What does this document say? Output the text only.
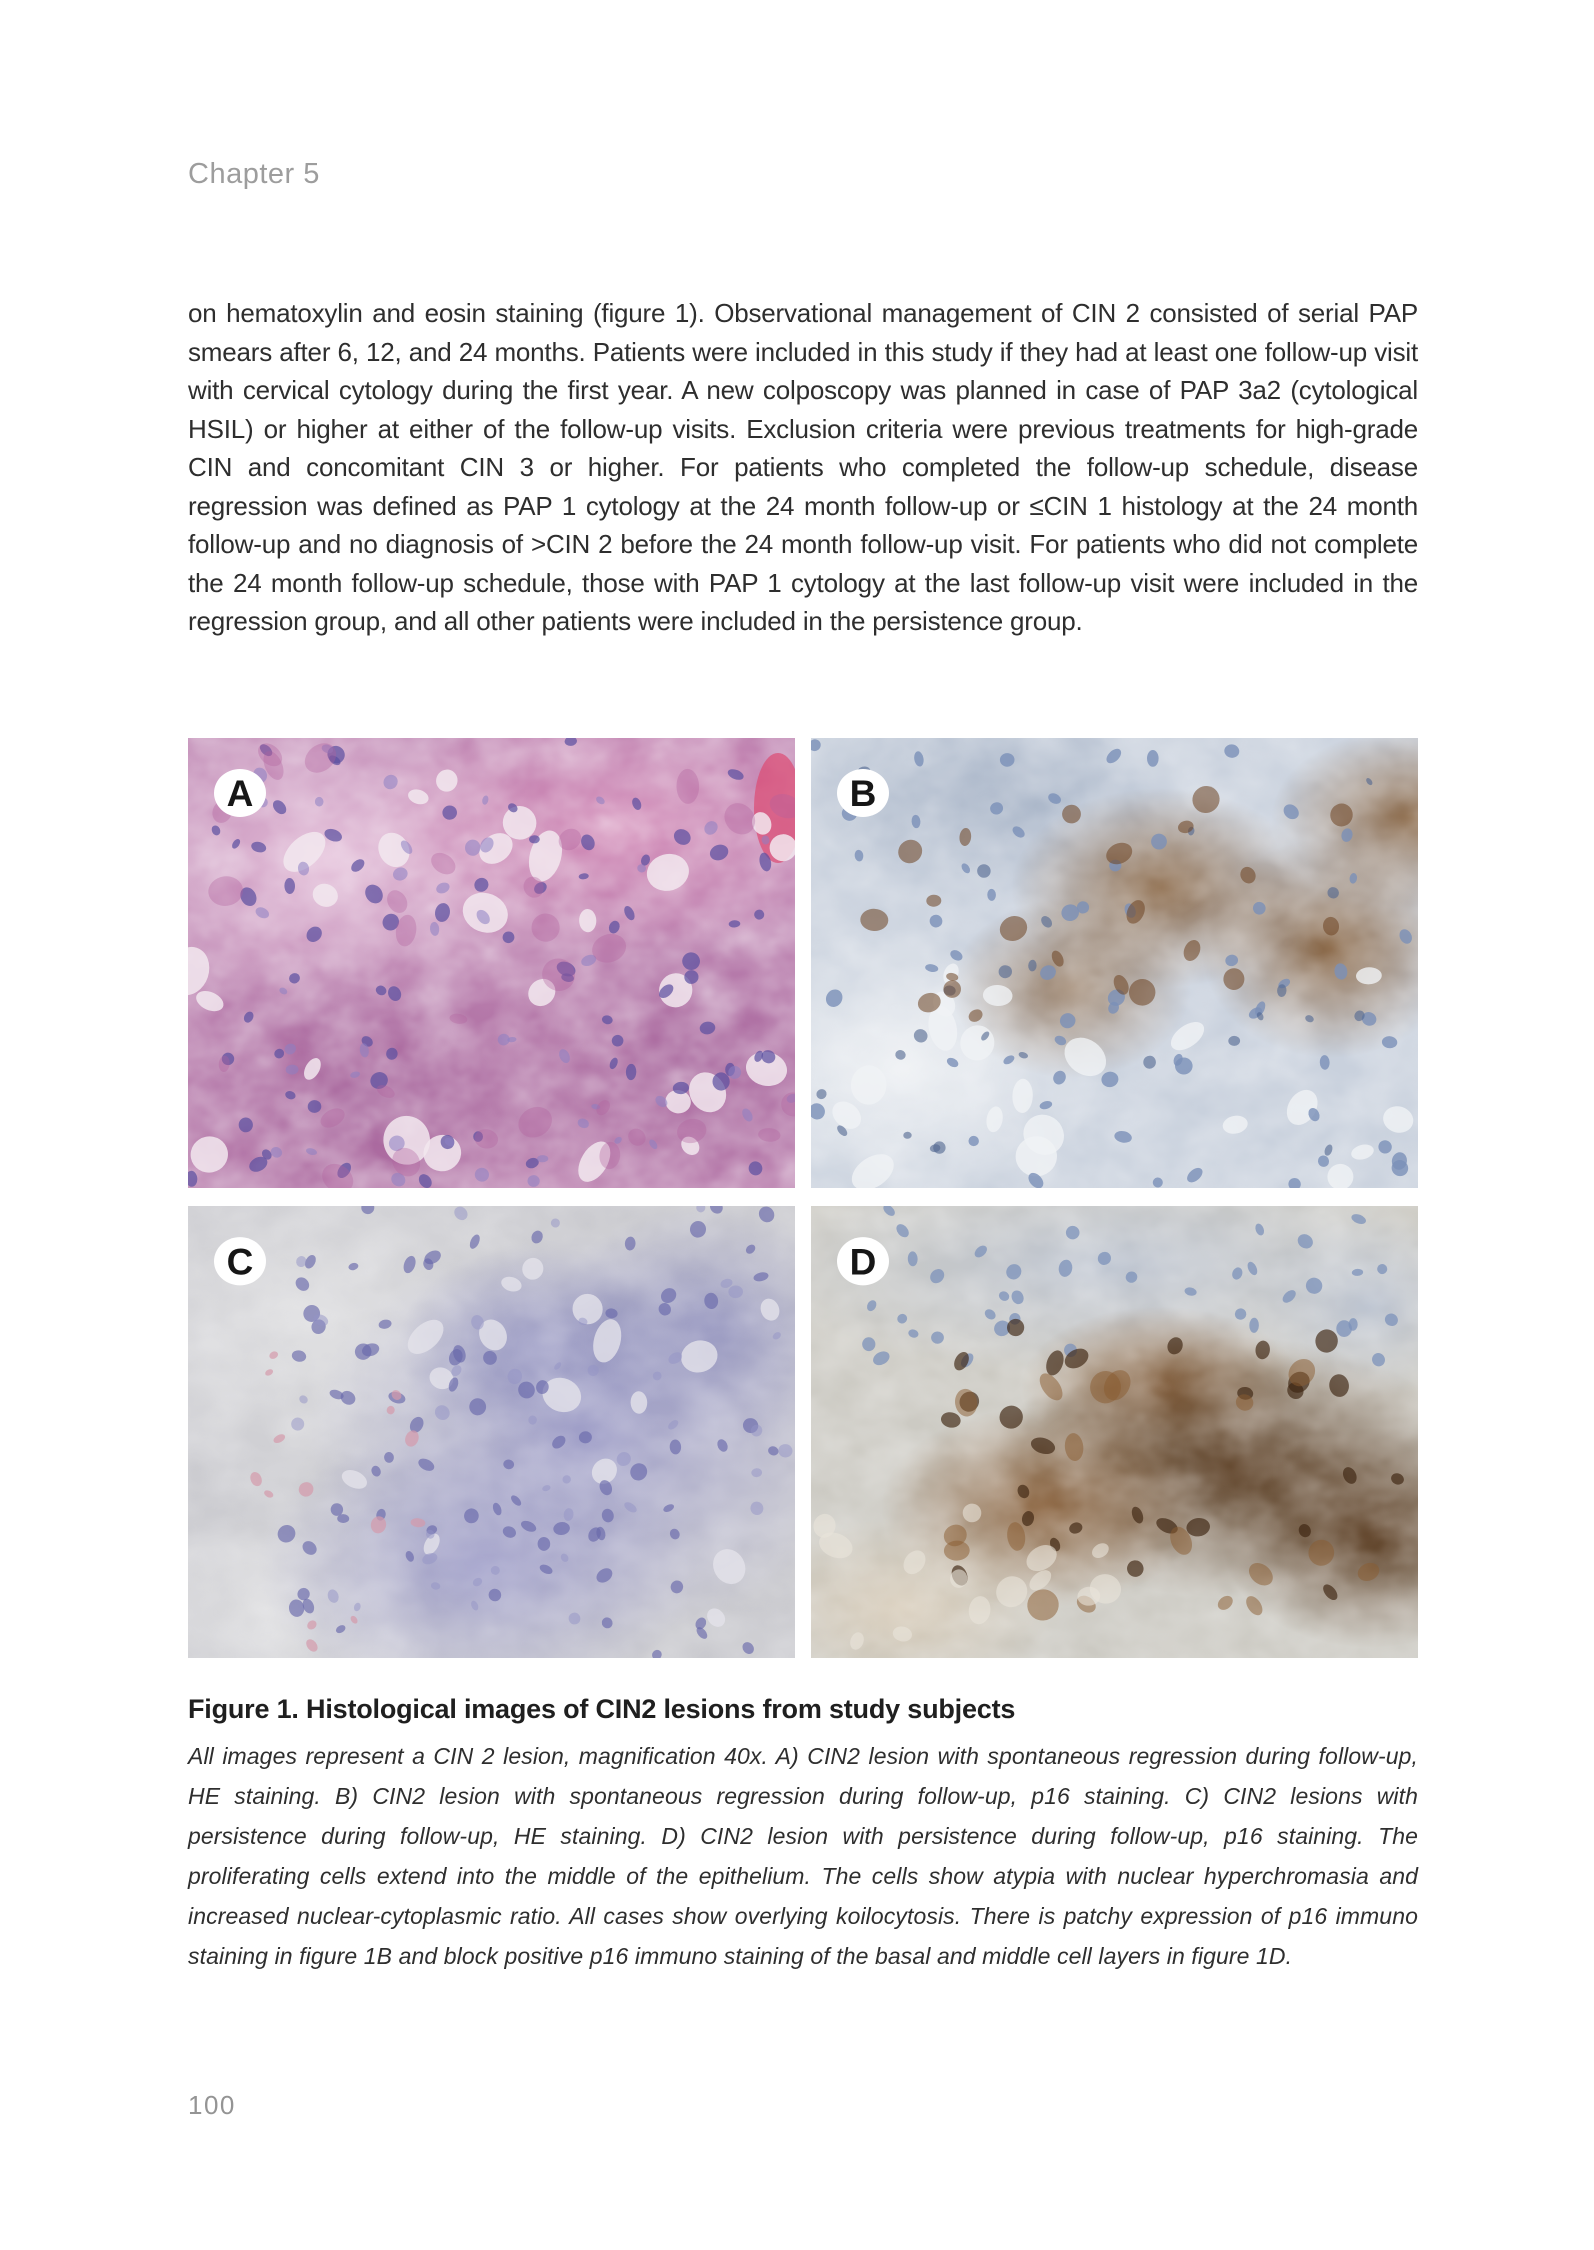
Chapter 5
on hematoxylin and eosin staining (figure 1). Observational management of CIN 2 consisted of serial PAP smears after 6, 12, and 24 months. Patients were included in this study if they had at least one follow-up visit with cervical cytology during the first year. A new colposcopy was planned in case of PAP 3a2 (cytological HSIL) or higher at either of the follow-up visits. Exclusion criteria were previous treatments for high-grade CIN and concomitant CIN 3 or higher. For patients who completed the follow-up schedule, disease regression was defined as PAP 1 cytology at the 24 month follow-up or ≤CIN 1 histology at the 24 month follow-up and no diagnosis of >CIN 2 before the 24 month follow-up visit. For patients who did not complete the 24 month follow-up schedule, those with PAP 1 cytology at the last follow-up visit were included in the regression group, and all other patients were included in the persistence group.
A	B
C	D
Figure 1. Histological images of CIN2 lesions from study subjects
All images represent a CIN 2 lesion, magnification 40x. A) CIN2 lesion with spontaneous regression during follow-up, HE staining. B) CIN2 lesion with spontaneous regression during follow-up, p16 staining. C) CIN2 lesions with persistence during follow-up, HE staining. D) CIN2 lesion with persistence during follow-up, p16 staining. The proliferating cells extend into the middle of the epithelium. The cells show atypia with nuclear hyperchromasia and increased nuclear-cytoplasmic ratio. All cases show overlying koilocytosis. There is patchy expression of p16 immuno staining in figure 1B and block positive p16 immuno staining of the basal and middle cell layers in figure 1D.
100
